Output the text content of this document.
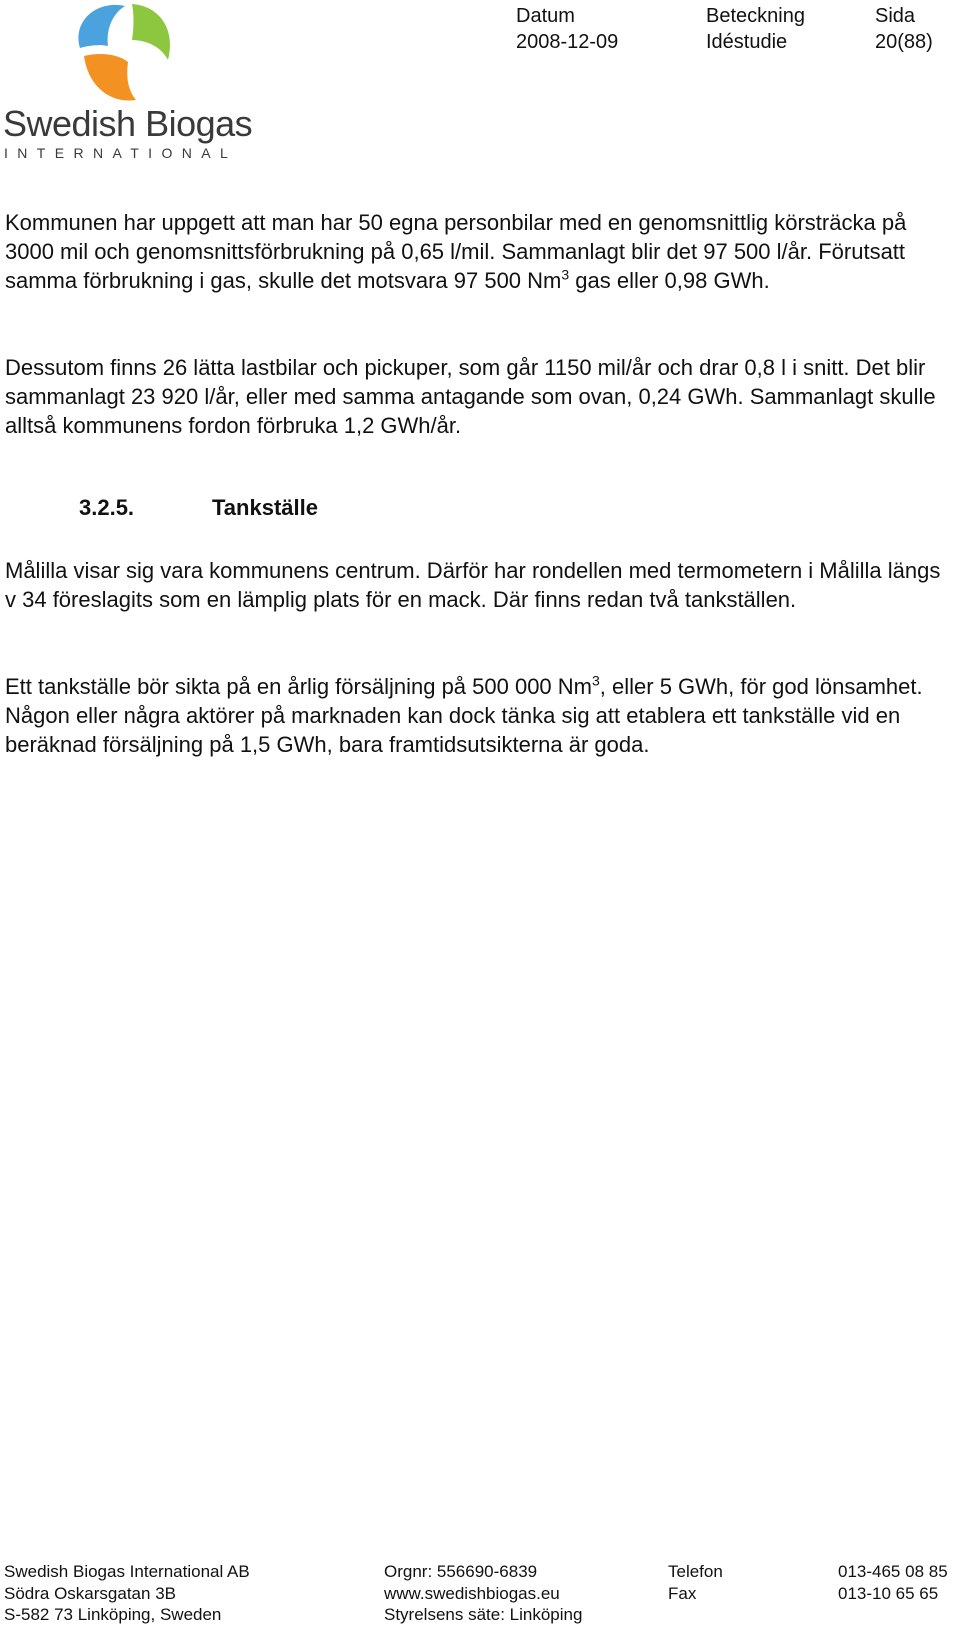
Swedish Biogas
INTERNATIONAL
Datum
2008-12-09
Beteckning
Idéstudie
Sida
20(88)

Kommunen har uppgett att man har 50 egna personbilar med en genomsnittlig körsträcka på 3000 mil och genomsnittsförbrukning på 0,65 l/mil. Sammanlagt blir det 97 500 l/år. Förutsatt samma förbrukning i gas, skulle det motsvara 97 500 Nm$^3$ gas eller 0,98 GWh.

Dessutom finns 26 lätta lastbilar och pickuper, som går 1150 mil/år och drar 0,8 l i snitt. Det blir sammanlagt 23 920 l/år, eller med samma antagande som ovan, 0,24 GWh. Sammanlagt skulle alltså kommunens fordon förbruka 1,2 GWh/år.

3.2.5.	Tankställe

Målilla visar sig vara kommunens centrum. Därför har rondellen med termometern i Målilla längs v 34 föreslagits som en lämplig plats för en mack. Där finns redan två tankställen.

Ett tankställe bör sikta på en årlig försäljning på 500 000 Nm$^3$, eller 5 GWh, för god lönsamhet. Någon eller några aktörer på marknaden kan dock tänka sig att etablera ett tankställe vid en beräknad försäljning på 1,5 GWh, bara framtidsutsikterna är goda.

Swedish Biogas International AB
Södra Oskarsgatan 3B
S-582 73 Linköping, Sweden
Orgnr: 556690-6839
www.swedishbiogas.eu
Styrelsens säte: Linköping
Telefon
Fax
013-465 08 85
013-10 65 65
